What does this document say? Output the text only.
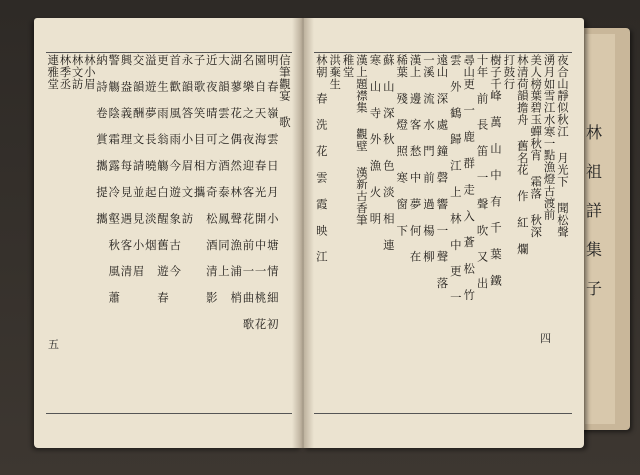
林
祖
詳
集
子
五	四
夜合山靜似秋江 月光下 聞松聲
湧月如雪江水寒一點漁燈古渡前
美人榜葉碧玉蟬秋宵 霜落 秋深
林清荷韻擔舟 舊名花 作 紅 爛
打鼓行
樹子千峰 萬 山 中 有 千 葉 鐵
十年 前 長 笛 一 聲 吹 又 出
尋山更 一 鹿 群 走 入 蒼 松 竹
雲 外 鶴 歸 江 上 林 中 更 一
遠山 深 處 鐘 磬 響 一 聲 落
一溪 流 水 門 前 過 楊 柳
漢上 邊 客 愁 中 夢 何 在
稀葉 殘 燈 照 寒 窗 下
蘇 山 深 秋 色 淡 相 連
寒 山 寺 外 漁 火 明
漢上題襟集 觀壁 漢新古香筆
稚堂
洪棄生
林朝 春 洗 花 雲 霞 映 江
信筆觀宴 歌
明 春 嶺 雲 日 月 小 塘 情 細 初
園 自 天 海 春 光 開 中 一 桃 花
名 樂 之 夜 迎 客 花 前 一 曲 歌
湖 蓼 花 偶 然 林 聲 漁 浦 梢
大 韻 雲 之 酒 泰 鳳 同 上
近 夜 晴 可 方 奇 松 酒 清 影
子 歌 笑 目 相 攜
永 韻 答 小 眉 文 訪
首 歡 風 雨 今 遊 象 古 今
更 生 雨 翁 觴 白 醒 舊 遊 春
溢 遊 夢 長 曉 起 淡 烟
交 韻 酬 文 請 並 見 小 眉
興 盎 義 理 每 見 遇 客 清
警 觴 陰 霜 露 冷 壑 秋 風 蕭
納 詩 卷 賞 攜 提 攜
林小眉
林文訪
林季丞
連雅堂
